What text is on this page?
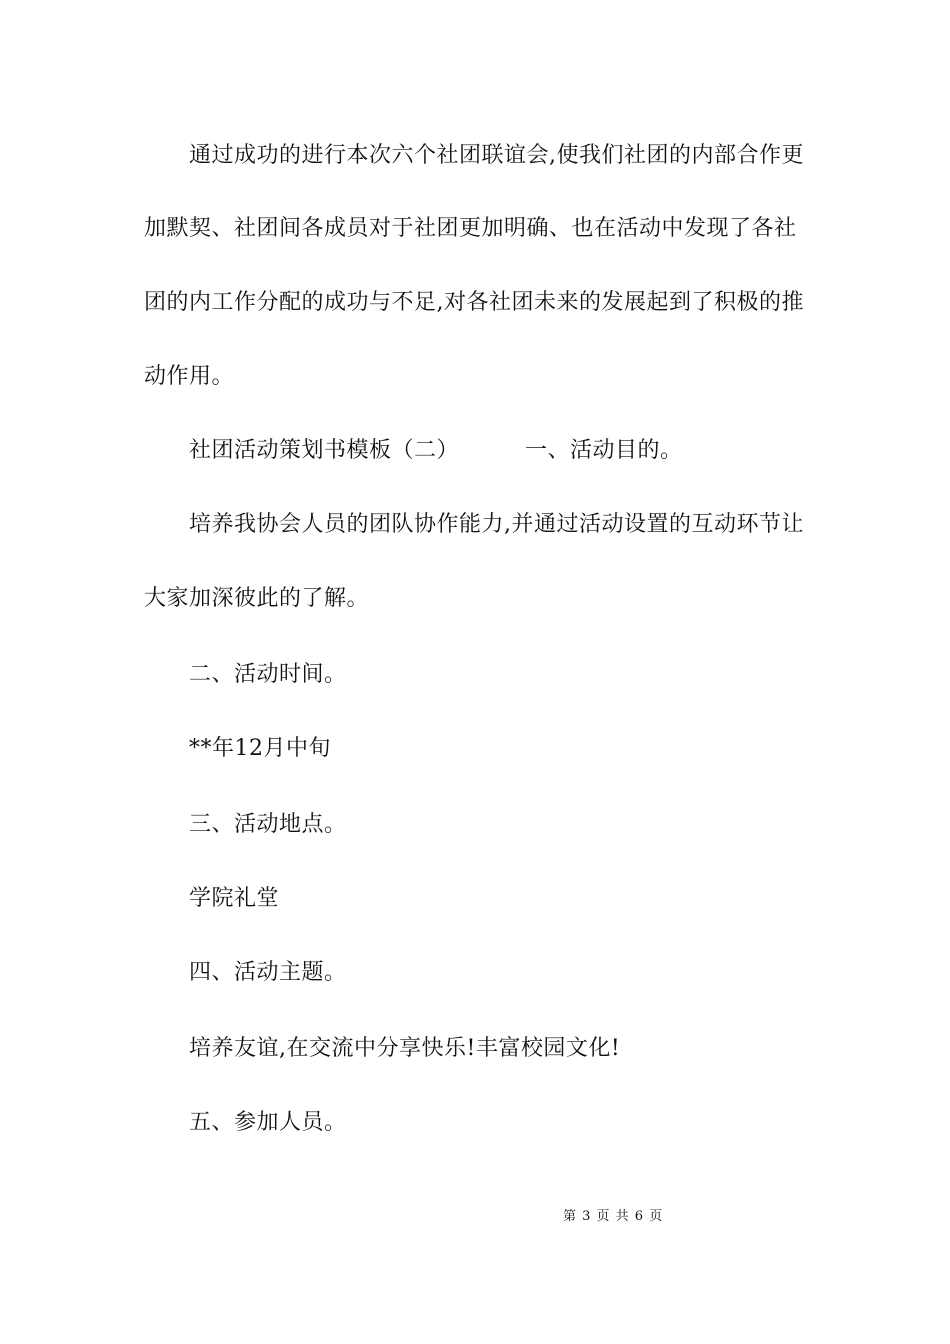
通过成功的进行本次六个社团联谊会,使我们社团的内部合作更
加默契、社团间各成员对于社团更加明确、也在活动中发现了各社
团的内工作分配的成功与不足,对各社团未来的发展起到了积极的推
动作用。
社团活动策划书模板（二）	一、活动目的。
培养我协会人员的团队协作能力,并通过活动设置的互动环节让
大家加深彼此的了解。
二、活动时间。
**年12月中旬
三、活动地点。
学院礼堂
四、活动主题。
培养友谊,在交流中分享快乐!丰富校园文化!
五、参加人员。
第 3 页 共 6 页
